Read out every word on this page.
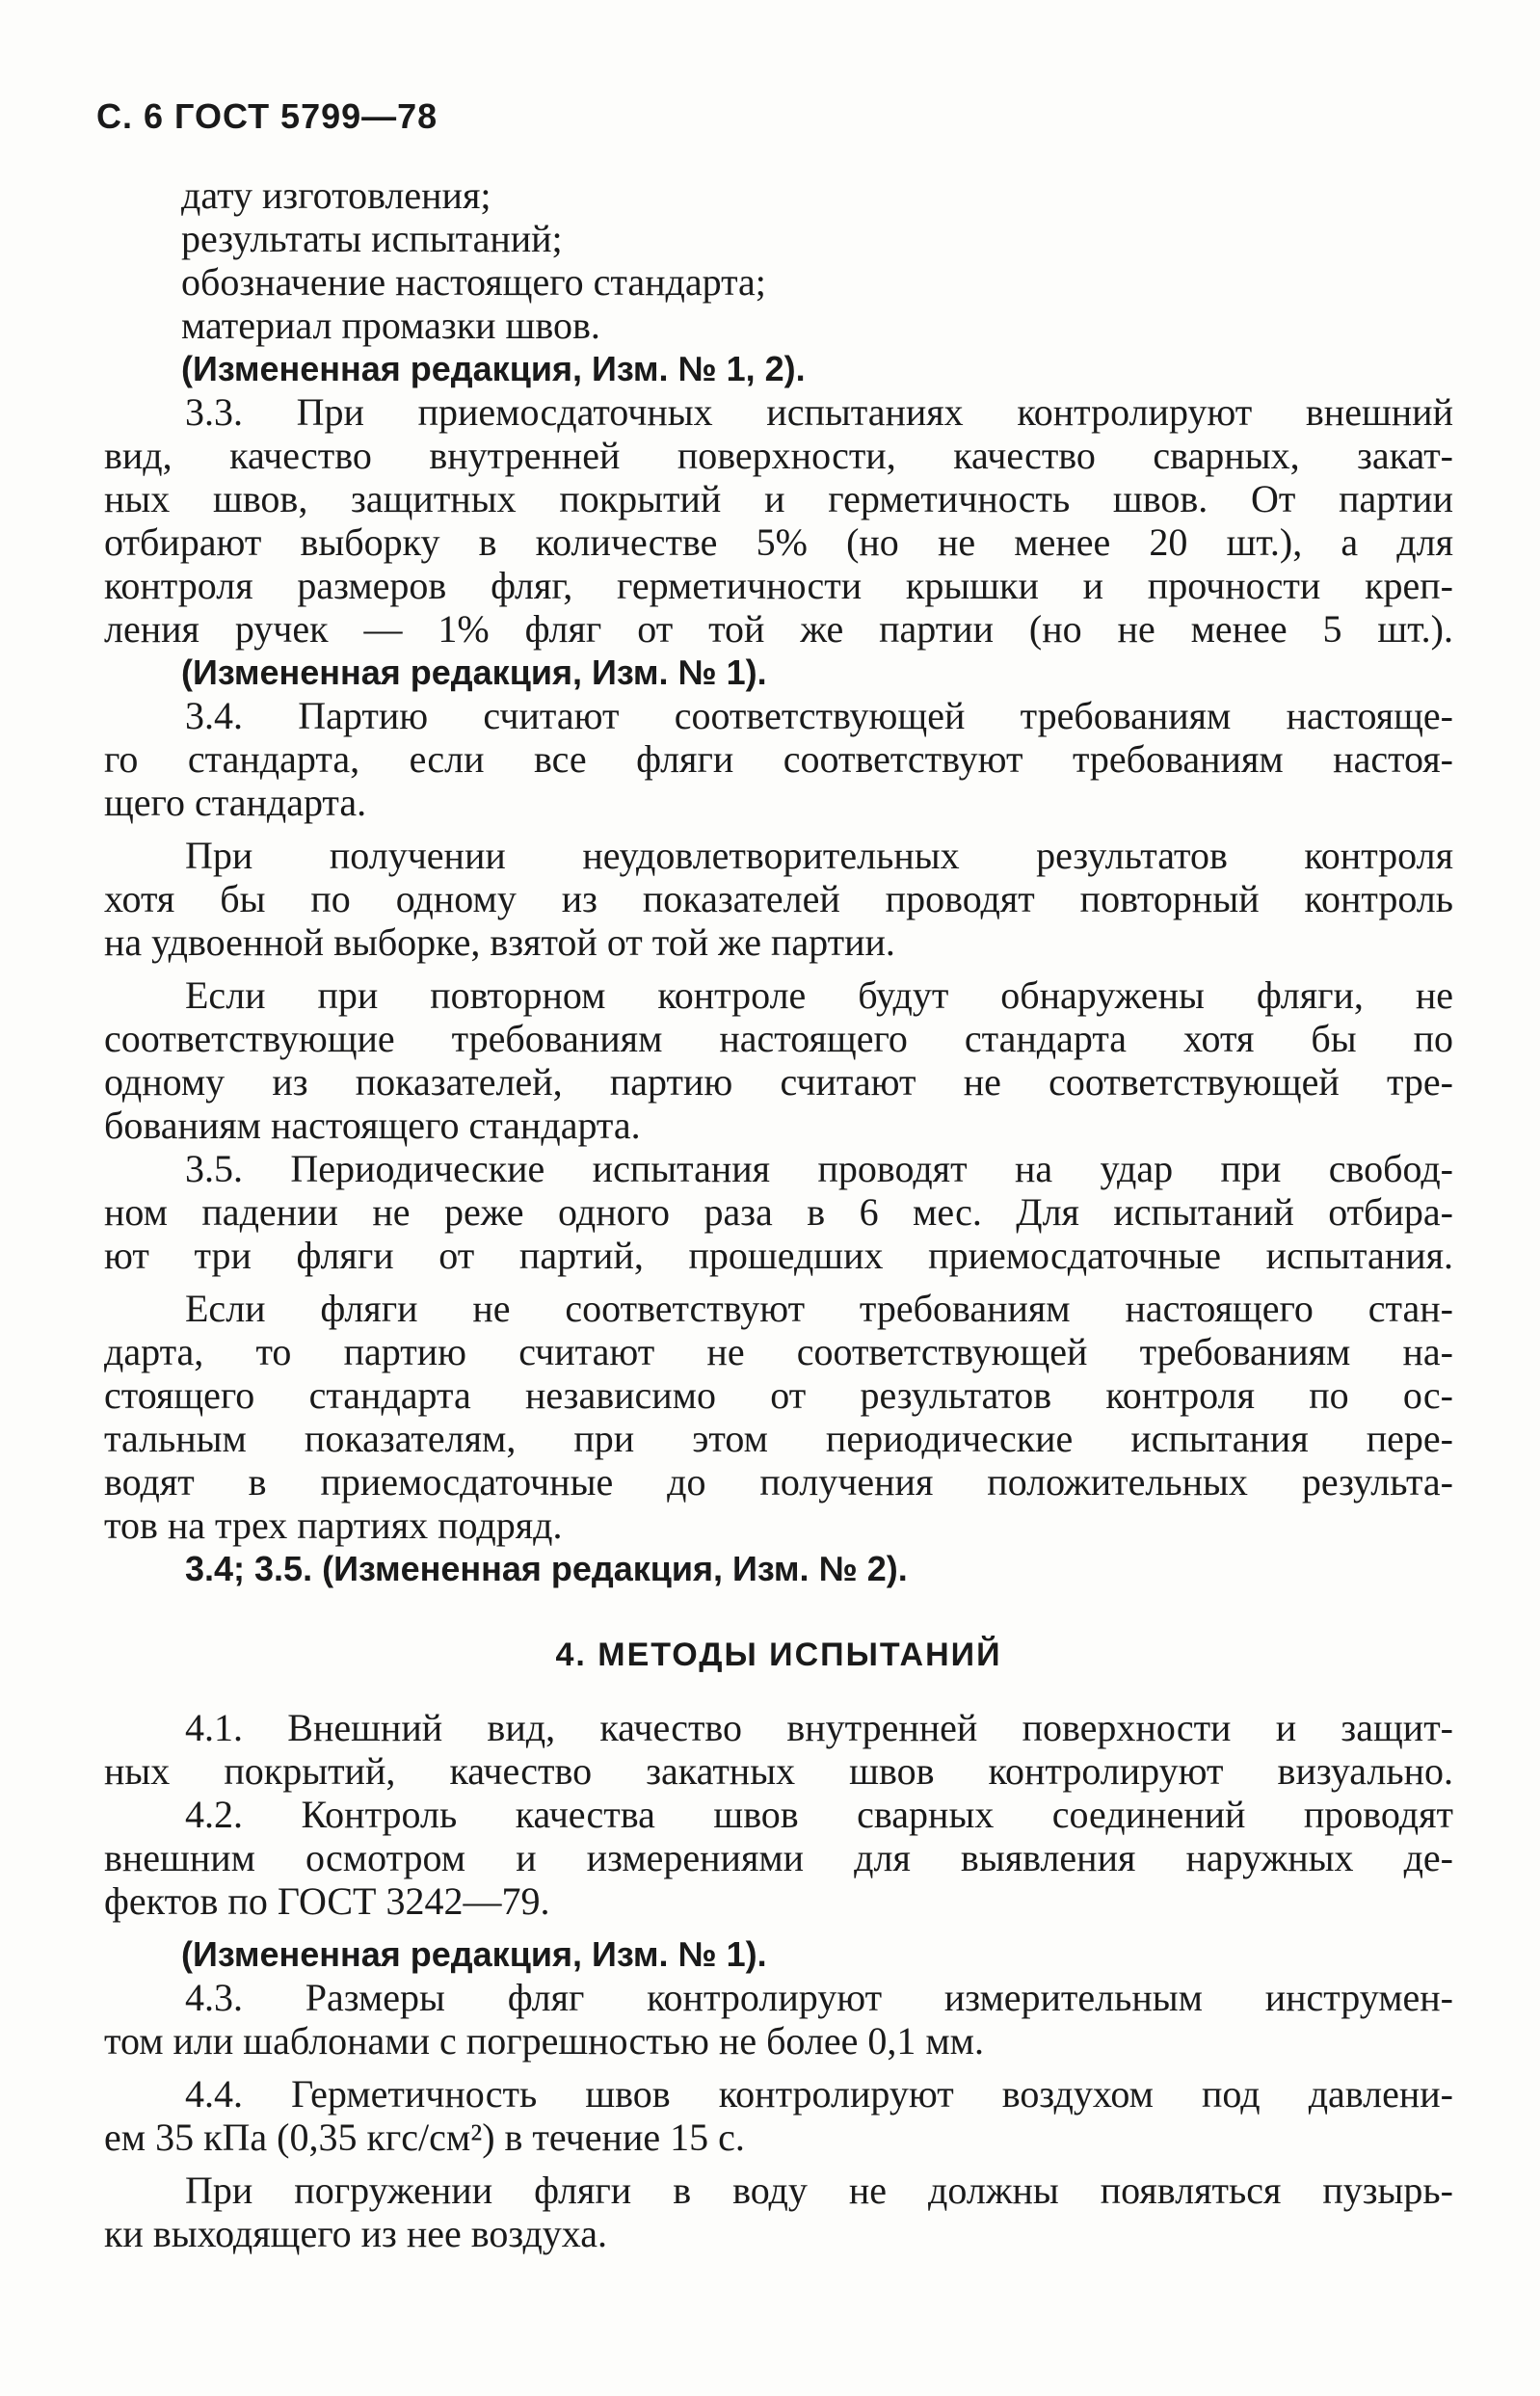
С. 6 ГОСТ 5799—78
дату изготовления;
результаты испытаний;
обозначение настоящего стандарта;
материал промазки швов.
(Измененная редакция, Изм. № 1, 2).
3.3. При приемосдаточных испытаниях контролируют внешний
вид, качество внутренней поверхности, качество сварных, закат-
ных швов, защитных покрытий и герметичность швов. От партии
отбирают выборку в количестве 5% (но не менее 20 шт.), а для
контроля размеров фляг, герметичности крышки и прочности креп-
ления ручек — 1% фляг от той же партии (но не менее 5 шт.).
(Измененная редакция, Изм. № 1).
3.4. Партию считают соответствующей требованиям настояще-
го стандарта, если все фляги соответствуют требованиям настоя-
щего стандарта.
При получении неудовлетворительных результатов контроля
хотя бы по одному из показателей проводят повторный контроль
на удвоенной выборке, взятой от той же партии.
Если при повторном контроле будут обнаружены фляги, не
соответствующие требованиям настоящего стандарта хотя бы по
одному из показателей, партию считают не соответствующей тре-
бованиям настоящего стандарта.
3.5. Периодические испытания проводят на удар при свобод-
ном падении не реже одного раза в 6 мес. Для испытаний отбира-
ют три фляги от партий, прошедших приемосдаточные испытания.
Если фляги не соответствуют требованиям настоящего стан-
дарта, то партию считают не соответствующей требованиям на-
стоящего стандарта независимо от результатов контроля по ос-
тальным показателям, при этом периодические испытания пере-
водят в приемосдаточные до получения положительных результа-
тов на трех партиях подряд.
3.4; 3.5. (Измененная редакция, Изм. № 2).
4. МЕТОДЫ ИСПЫТАНИЙ
4.1. Внешний вид, качество внутренней поверхности и защит-
ных покрытий, качество закатных швов контролируют визуально.
4.2. Контроль качества швов сварных соединений проводят
внешним осмотром и измерениями для выявления наружных де-
фектов по ГОСТ 3242—79.
(Измененная редакция, Изм. № 1).
4.3. Размеры фляг контролируют измерительным инструмен-
том или шаблонами с погрешностью не более 0,1 мм.
4.4. Герметичность швов контролируют воздухом под давлени-
ем 35 кПа (0,35 кгс/см²) в течение 15 с.
При погружении фляги в воду не должны появляться пузырь-
ки выходящего из нее воздуха.
